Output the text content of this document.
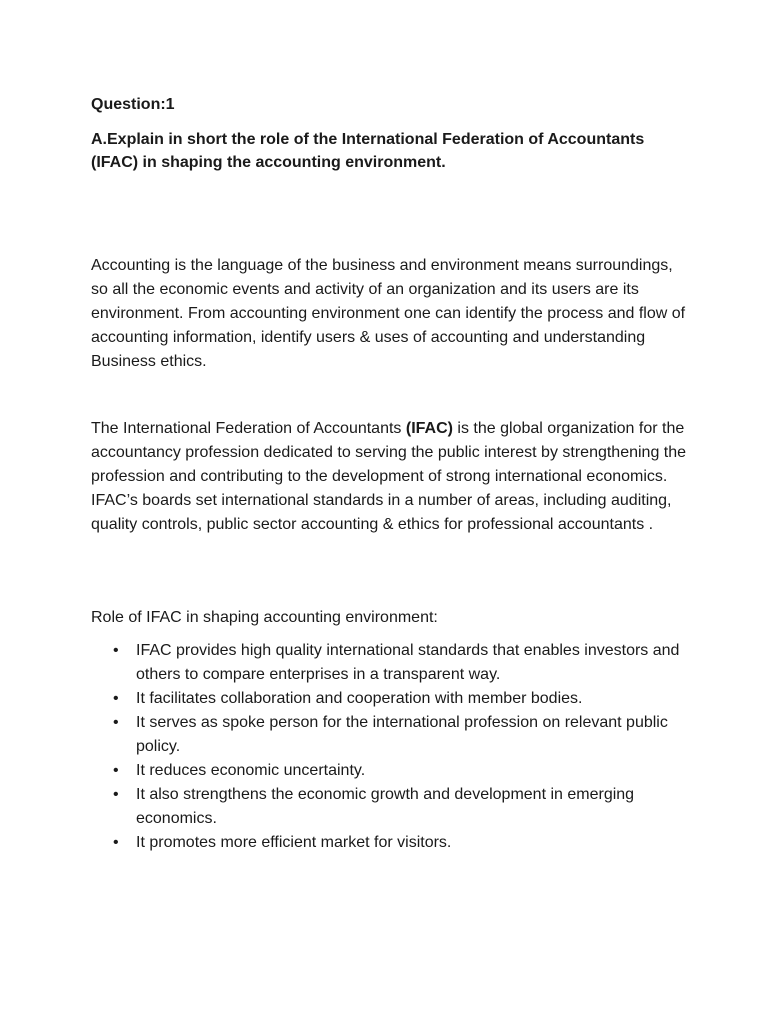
Question:1

A.Explain in short the role of the International Federation of Accountants (IFAC) in shaping the accounting environment.

Accounting is the language of the business and environment means surroundings, so all the economic events and activity of an organization and its users are its environment. From accounting environment one can identify the process and flow of accounting information, identify users & uses of accounting and understanding Business ethics.

The International Federation of Accountants (IFAC) is the global organization for the accountancy profession dedicated to serving the public interest by strengthening the profession and contributing to the development of strong international economics. IFAC’s boards set international standards in a number of areas, including auditing, quality controls, public sector accounting & ethics for professional accountants .

Role of IFAC in shaping accounting environment:

• IFAC provides high quality international standards that enables investors and others to compare enterprises in a transparent way.
• It facilitates collaboration and cooperation with member bodies.
• It serves as spoke person for the international profession on relevant public policy.
• It reduces economic uncertainty.
• It also strengthens the economic growth and development in emerging economics.
• It promotes more efficient market for visitors.
